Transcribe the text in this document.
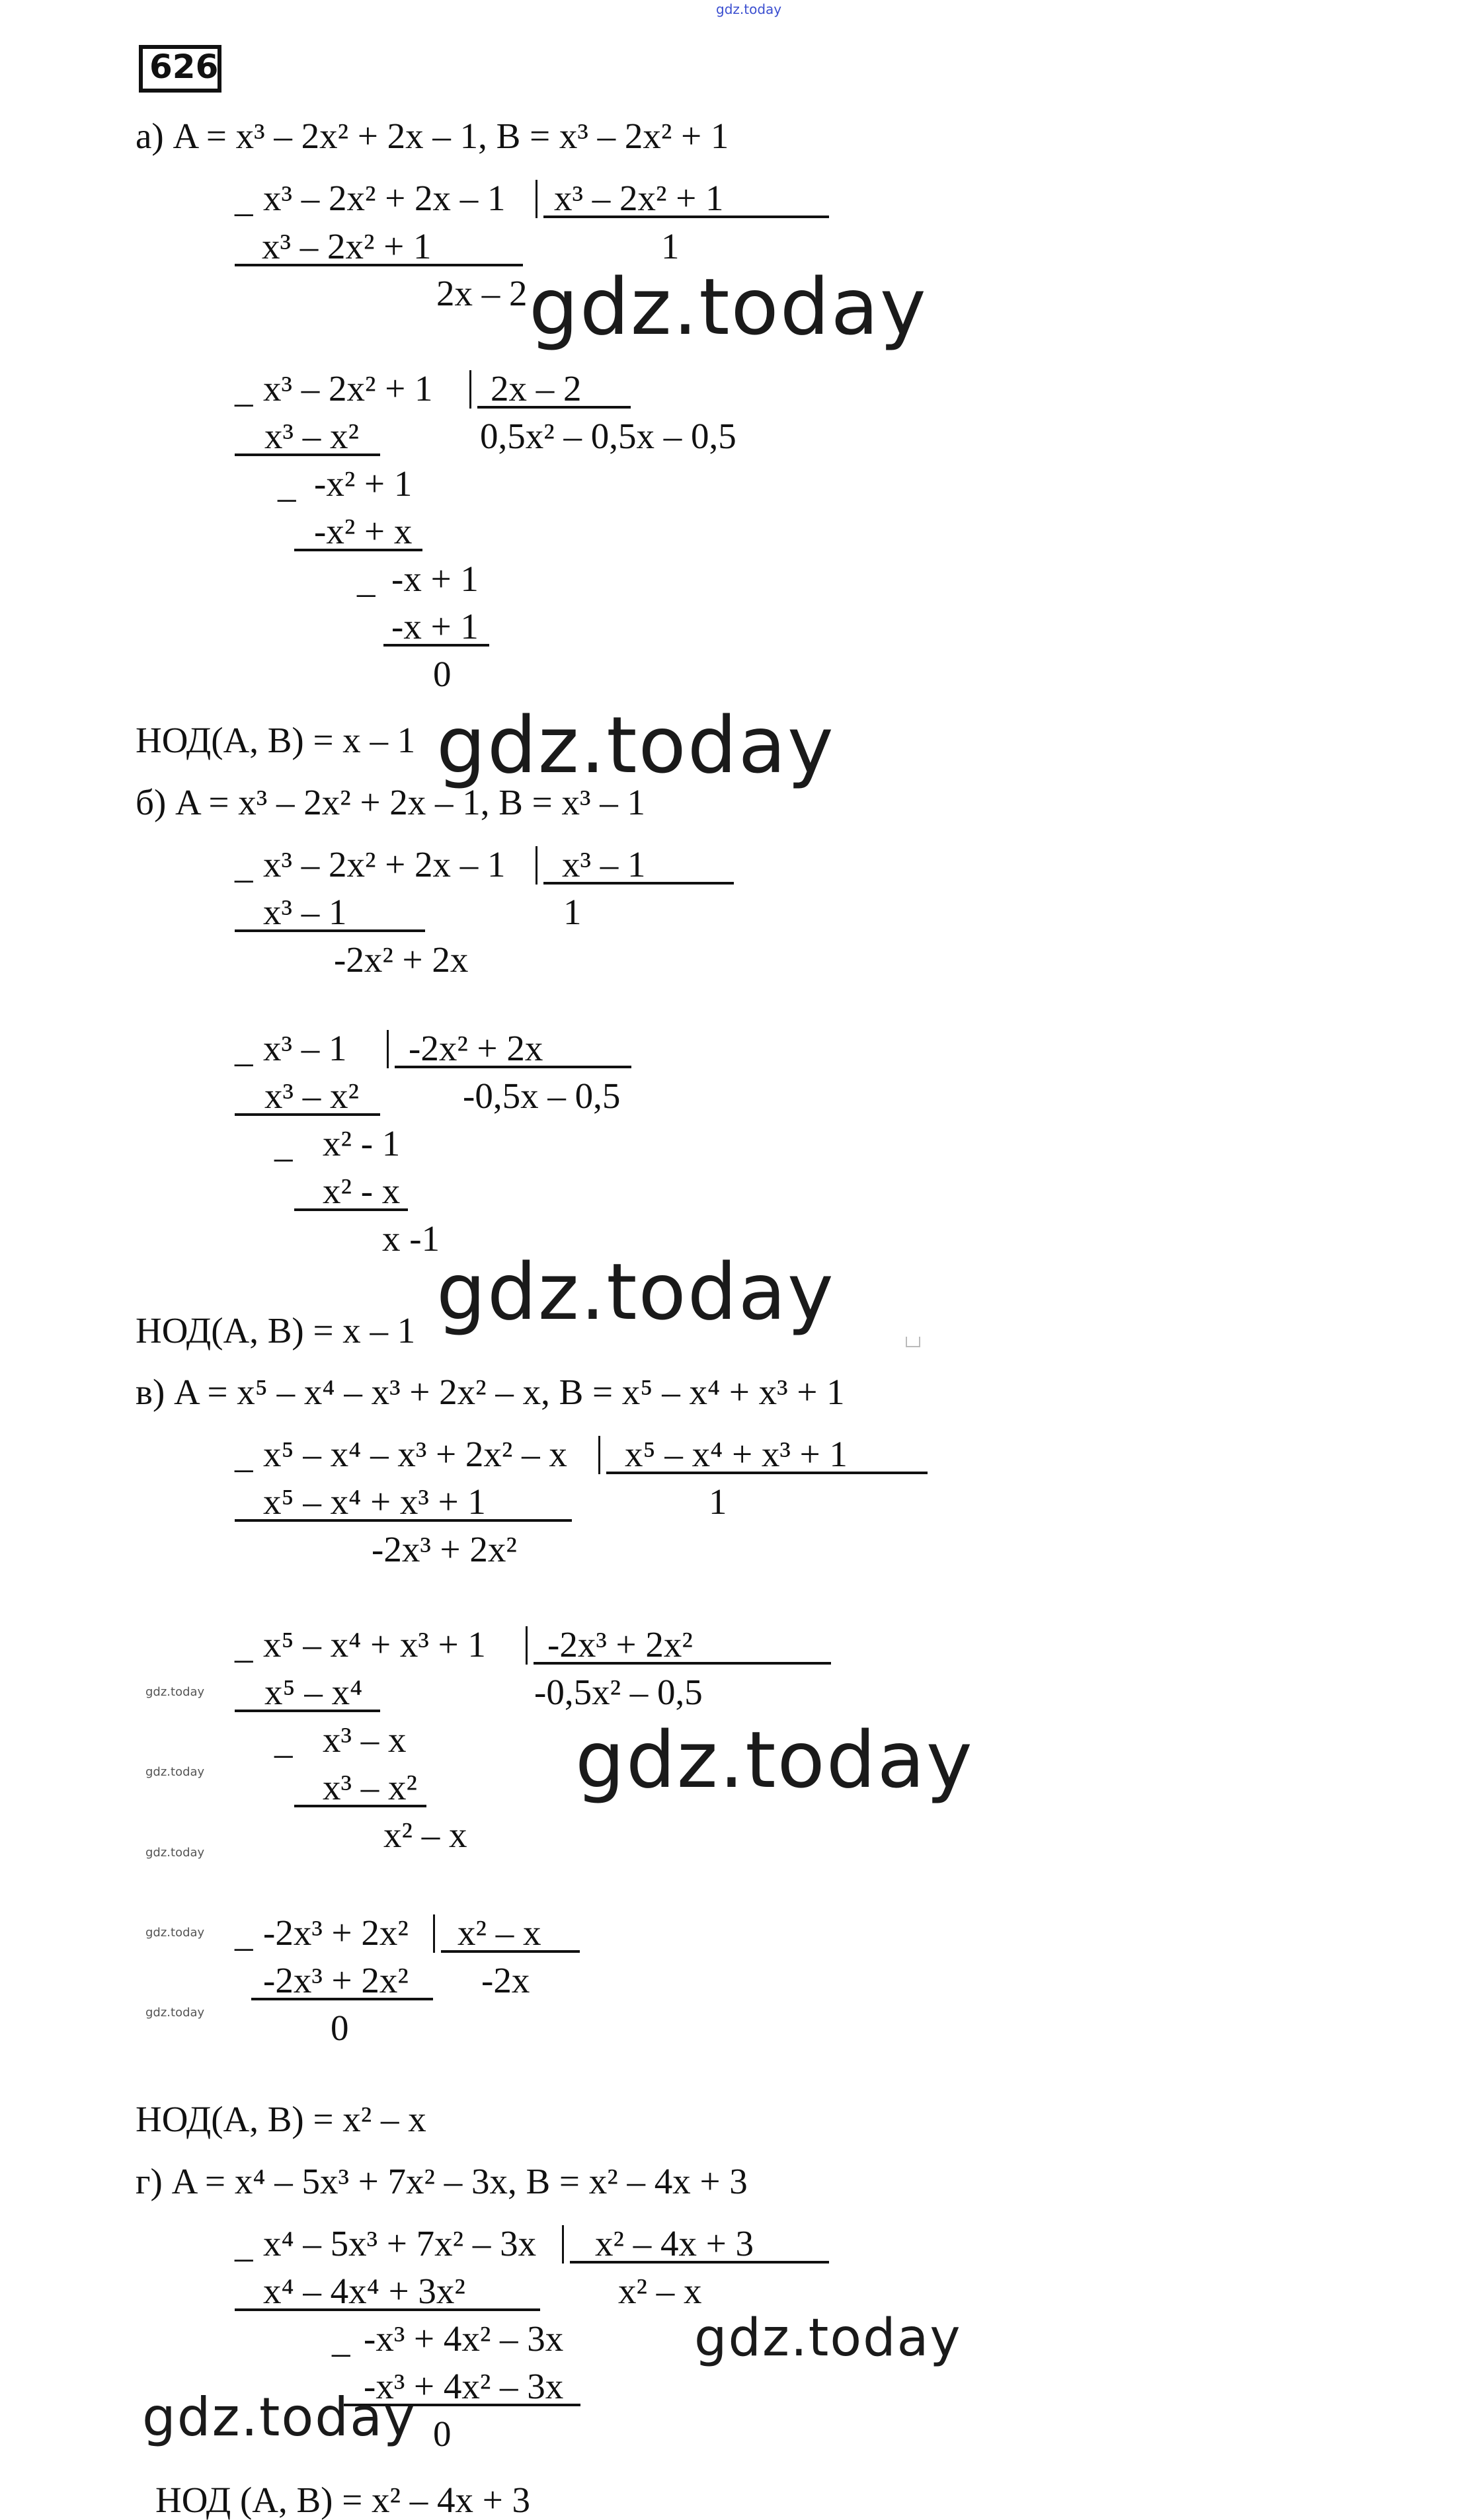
gdz.today
626
а) A = x³ – 2x² + 2x – 1, B = x³ – 2x² + 1
_ x³ – 2x² + 2x – 1 x³ – 2x² + 1
x³ – 2x² + 1	1
2x – 2
_ x³ – 2x² + 1 2x – 2
0,5x² – 0,5x – 0,5
x³ – x²
_ -x² + 1
-x² + x
_ -x + 1
-x + 1
0
НОД(A, B) = x – 1
б) A = x³ – 2x² + 2x – 1, B = x³ – 1
_ x³ – 2x² + 2x – 1 x³ – 1
x³ – 1	1
-2x² + 2x
_ x³ – 1 -2x² + 2x
-0,5x – 0,5
x³ – x²
_ x² - 1
x² - x
x -1
НОД(A, B) = x – 1
в) A = x⁵ – x⁴ – x³ + 2x² – x, B = x⁵ – x⁴ + x³ + 1
_ x⁵ – x⁴ – x³ + 2x² – x x⁵ – x⁴ + x³ + 1
x⁵ – x⁴ + x³ + 1	1
-2x³ + 2x²
_ x⁵ – x⁴ + x³ + 1 -2x³ + 2x²
-0,5x² – 0,5
x⁵ – x⁴
_ x³ – x
x³ – x²
x² – x
_ -2x³ + 2x² x² – x
-2x³ + 2x² -2x
0
НОД(A, B) = x² – x
г) A = x⁴ – 5x³ + 7x² – 3x, B = x² – 4x + 3
_ x⁴ – 5x³ + 7x² – 3x x² – 4x + 3
x² – x
x⁴ – 4x⁴ + 3x²
_ -x³ + 4x² – 3x
-x³ + 4x² – 3x
0
НОД (A, B) = x² – 4x + 3
gdz.today
gdz.today
gdz.today
gdz.today
gdz.today
gdz.today
gdz.today
gdz.today
gdz.today
gdz.today
gdz.today
